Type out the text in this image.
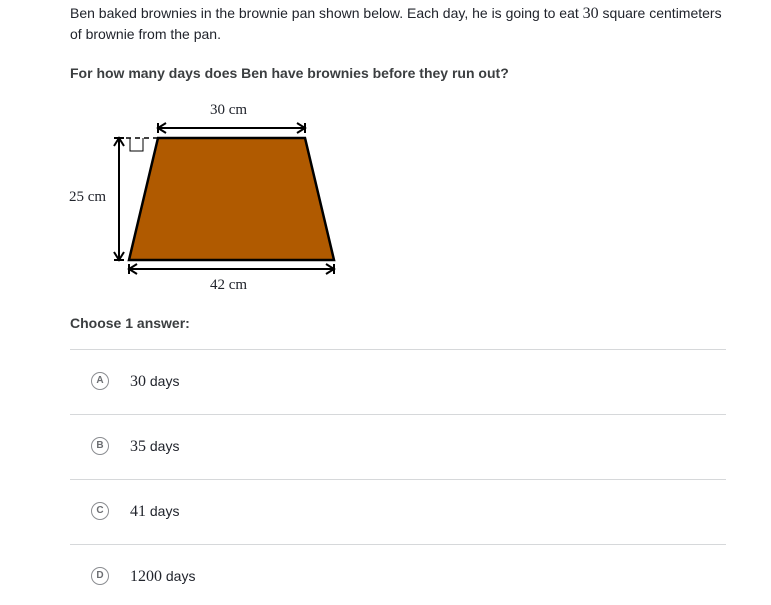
Ben baked brownies in the brownie pan shown below. Each day, he is going to eat 30 square centimeters
of brownie from the pan.
For how many days does Ben have brownies before they run out?
30 cm
25 cm
42 cm
Choose 1 answer:
A	30 days
B	35 days
C	41 days
D	1200 days
